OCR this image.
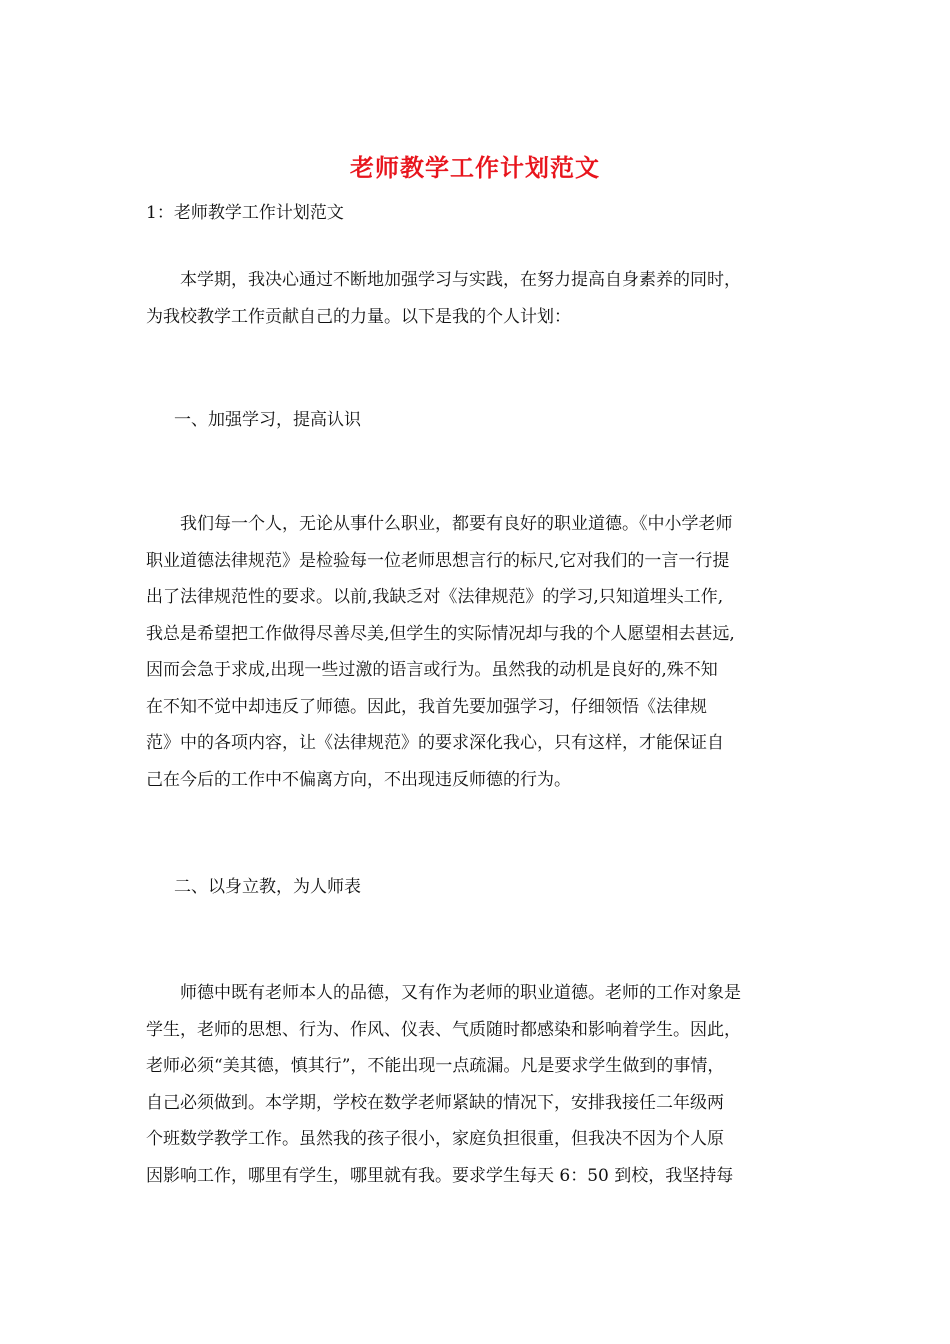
老师教学工作计划范文
1：老师教学工作计划范文
　　本学期，我决心通过不断地加强学习与实践，在努力提高自身素养的同时，
为我校教学工作贡献自己的力量。以下是我的个人计划：
一、加强学习，提高认识
　　我们每一个人，无论从事什么职业，都要有良好的职业道德。《中小学老师
职业道德法律规范》是检验每一位老师思想言行的标尺,它对我们的一言一行提
出了法律规范性的要求。以前,我缺乏对《法律规范》的学习,只知道埋头工作,
我总是希望把工作做得尽善尽美,但学生的实际情况却与我的个人愿望相去甚远,
因而会急于求成,出现一些过激的语言或行为。虽然我的动机是良好的,殊不知
在不知不觉中却违反了师德。因此，我首先要加强学习，仔细领悟《法律规
范》中的各项内容，让《法律规范》的要求深化我心，只有这样，才能保证自
己在今后的工作中不偏离方向，不出现违反师德的行为。
二、以身立教，为人师表
　　师德中既有老师本人的品德，又有作为老师的职业道德。老师的工作对象是
学生，老师的思想、行为、作风、仪表、气质随时都感染和影响着学生。因此，
老师必须“美其德，慎其行”，不能出现一点疏漏。凡是要求学生做到的事情，
自己必须做到。本学期，学校在数学老师紧缺的情况下，安排我接任二年级两
个班数学教学工作。虽然我的孩子很小，家庭负担很重，但我决不因为个人原
因影响工作，哪里有学生，哪里就有我。要求学生每天 6：50 到校，我坚持每
